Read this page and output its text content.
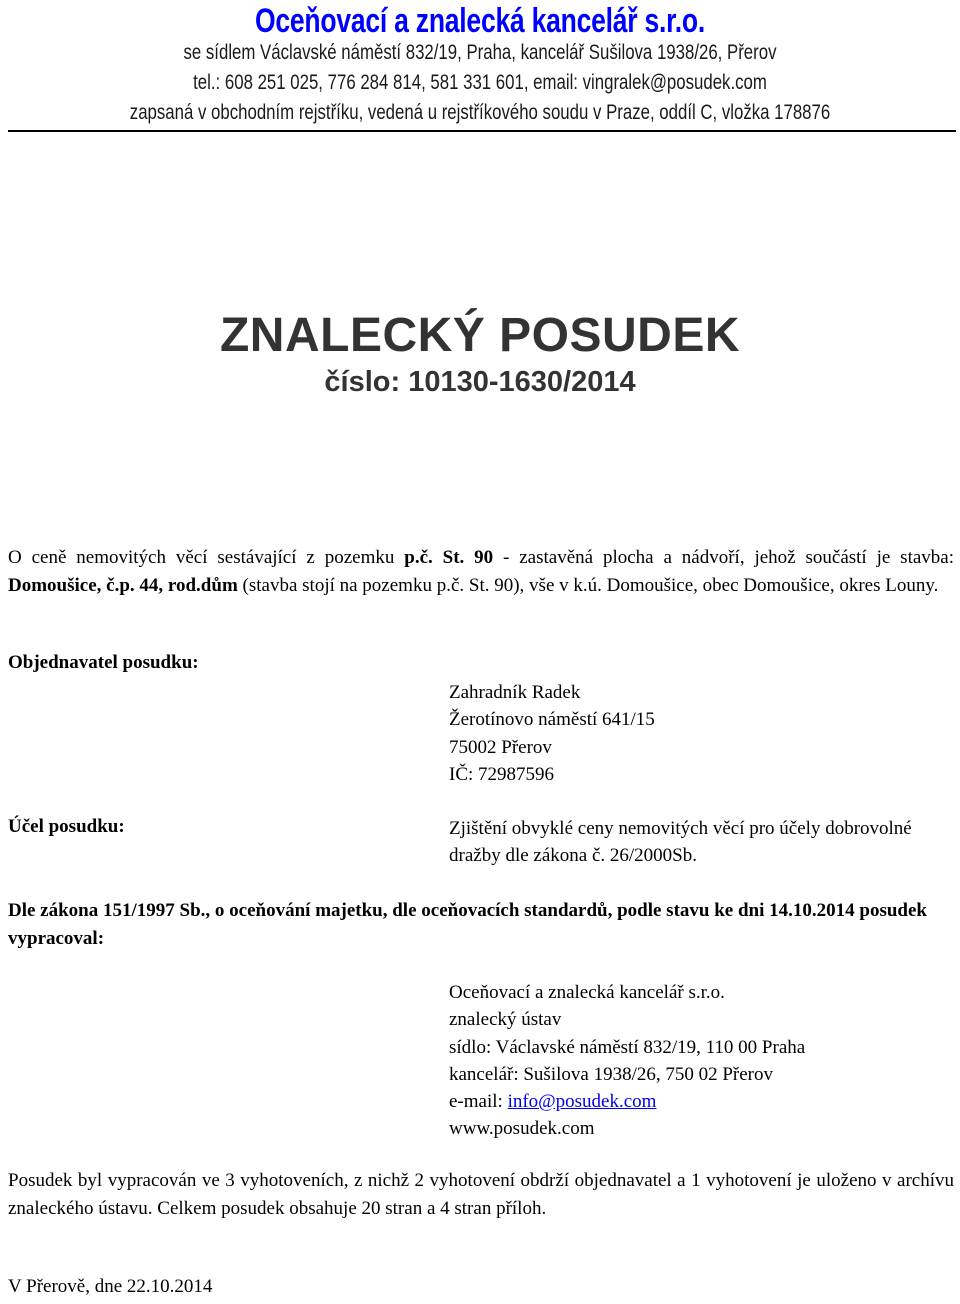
Oceňovací a znalecká kancelář s.r.o.
se sídlem Václavské náměstí 832/19, Praha, kancelář Sušilova 1938/26, Přerov
tel.: 608 251 025, 776 284 814, 581 331 601, email: vingralek@posudek.com
zapsaná v obchodním rejstříku, vedená u rejstříkového soudu v Praze, oddíl C, vložka 178876
ZNALECKÝ POSUDEK
číslo: 10130-1630/2014
O ceně nemovitých věcí sestávající z pozemku p.č. St. 90 - zastavěná plocha a nádvoří, jehož součástí je stavba: Domoušice, č.p. 44, rod.dům (stavba stojí na pozemku p.č. St. 90), vše v k.ú. Domoušice, obec Domoušice, okres Louny.
Objednavatel posudku:
Zahradník Radek
Žerotínovo náměstí 641/15
75002 Přerov
IČ: 72987596
Účel posudku:	Zjištění obvyklé ceny nemovitých věcí pro účely dobrovolné dražby dle zákona č. 26/2000Sb.
Dle zákona 151/1997 Sb., o oceňování majetku, dle oceňovacích standardů, podle stavu ke dni 14.10.2014 posudek vypracoval:
Oceňovací a znalecká kancelář s.r.o.
znalecký ústav
sídlo: Václavské náměstí 832/19, 110 00 Praha
kancelář: Sušilova 1938/26, 750 02 Přerov
e-mail: info@posudek.com
www.posudek.com
Posudek byl vypracován ve 3 vyhotoveních, z nichž 2 vyhotovení obdrží objednavatel a 1 vyhotovení je uloženo v archívu znaleckého ústavu. Celkem posudek obsahuje 20 stran a 4 stran příloh.
V Přerově, dne 22.10.2014
